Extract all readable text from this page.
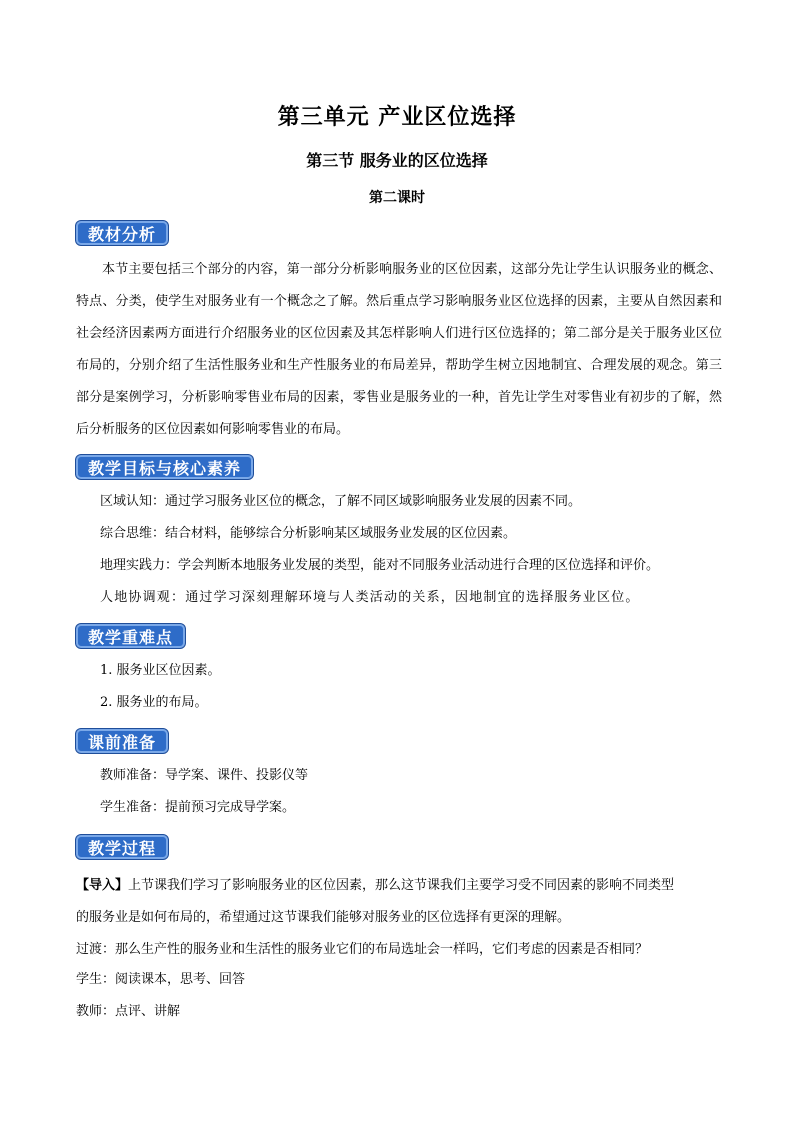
第三单元 产业区位选择
第三节 服务业的区位选择
第二课时
教材分析
本节主要包括三个部分的内容，第一部分分析影响服务业的区位因素，这部分先让学生认识服务业的概念、特点、分类，使学生对服务业有一个概念之了解。然后重点学习影响服务业区位选择的因素，主要从自然因素和社会经济因素两方面进行介绍服务业的区位因素及其怎样影响人们进行区位选择的；第二部分是关于服务业区位布局的，分别介绍了生活性服务业和生产性服务业的布局差异，帮助学生树立因地制宜、合理发展的观念。第三部分是案例学习，分析影响零售业布局的因素，零售业是服务业的一种，首先让学生对零售业有初步的了解，然后分析服务的区位因素如何影响零售业的布局。
教学目标与核心素养
区域认知：通过学习服务业区位的概念，了解不同区域影响服务业发展的因素不同。
综合思维：结合材料，能够综合分析影响某区域服务业发展的区位因素。
地理实践力：学会判断本地服务业发展的类型，能对不同服务业活动进行合理的区位选择和评价。
人地协调观：通过学习深刻理解环境与人类活动的关系，因地制宜的选择服务业区位。
教学重难点
1. 服务业区位因素。
2. 服务业的布局。
课前准备
教师准备：导学案、课件、投影仪等
学生准备：提前预习完成导学案。
教学过程
【导入】上节课我们学习了影响服务业的区位因素，那么这节课我们主要学习受不同因素的影响不同类型
的服务业是如何布局的，希望通过这节课我们能够对服务业的区位选择有更深的理解。
过渡：那么生产性的服务业和生活性的服务业它们的布局选址会一样吗，它们考虑的因素是否相同？
学生：阅读课本，思考、回答
教师：点评、讲解
